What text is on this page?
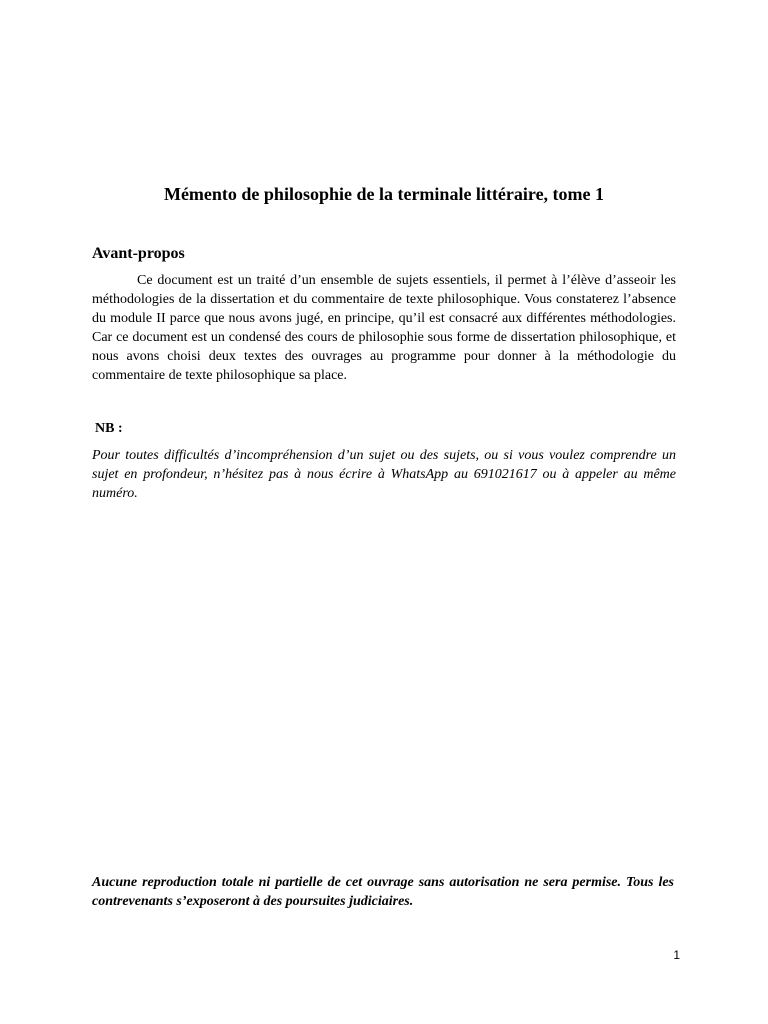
Mémento de philosophie de la terminale littéraire, tome 1
Avant-propos

Ce document est un traité d’un ensemble de sujets essentiels, il permet à l’élève d’asseoir les méthodologies de la dissertation et du commentaire de texte philosophique. Vous constaterez l’absence du module II parce que nous avons jugé, en principe, qu’il est consacré aux différentes méthodologies. Car ce document est un condensé des cours de philosophie sous forme de dissertation philosophique, et nous avons choisi deux textes des ouvrages au programme pour donner à la méthodologie du commentaire de texte philosophique sa place.

NB :

Pour toutes difficultés d’incompréhension d’un sujet ou des sujets, ou si vous voulez comprendre un sujet en profondeur, n’hésitez pas à nous écrire à WhatsApp au 691021617 ou à appeler au même numéro.

Aucune reproduction totale ni partielle de cet ouvrage sans autorisation ne sera permise. Tous les contrevenants s’exposeront à des poursuites judiciaires.

1
